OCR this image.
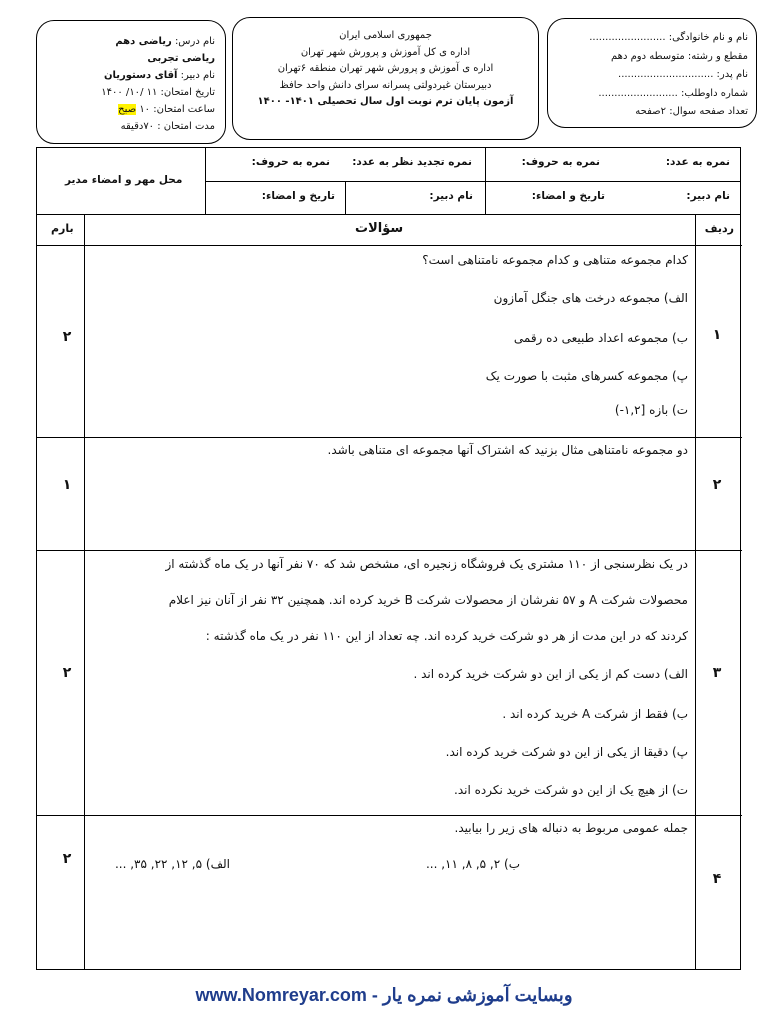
نام و نام خانوادگی: ........................
مقطع و رشته: متوسطه دوم دهم
نام پدر: ..............................
شماره داوطلب: .........................
تعداد صفحه سوال: ۲صفحه
جمهوری اسلامی ایران
اداره ی کل آموزش و پرورش شهر تهران
اداره ی آموزش و پرورش شهر تهران منطقه ۶تهران
دبیرستان غیردولتی پسرانه سرای دانش واحد حافظ
آزمون پایان ترم نوبت اول سال تحصیلی ۱۴۰۱- ۱۴۰۰
نام درس: ریاضی دهم
ریاضی تجربی
نام دبیر: آقای دستوریان
تاریخ امتحان: ۱۱ /۱۰/ ۱۴۰۰
ساعت امتحان: ۱۰ صبح
مدت امتحان : ۷۰دقیقه
نمره به عدد:
نمره به حروف:
نمره تجدید نظر به عدد:
نمره به حروف:
نام دبیر:
تاریخ و امضاء:
نام دبیر:
تاریخ و امضاء:
محل مهر و امضاء مدیر
ردیف
سؤالات
بارم
۱
۲
کدام مجموعه متناهی و کدام مجموعه نامتناهی است؟
الف) مجموعه درخت های جنگل آمازون
ب) مجموعه اعداد طبیعی ده رقمی
پ) مجموعه کسرهای مثبت با صورت یک
ت) بازه [۱,۲-)
۲
۱
دو مجموعه نامتناهی مثال بزنید که اشتراک آنها مجموعه ای متناهی باشد.
۳
۲
در یک نظرسنجی از ۱۱۰ مشتری یک فروشگاه زنجیره ای، مشخص شد که ۷۰ نفر آنها در یک ماه گذشته از
محصولات شرکت A و ۵۷ نفرشان از محصولات شرکت B خرید کرده اند. همچنین ۳۲ نفر از آنان نیز اعلام
کردند که در این مدت از هر دو شرکت خرید کرده اند. چه تعداد از این ۱۱۰ نفر در یک ماه گذشته :
الف) دست کم از یکی از این دو شرکت خرید کرده اند .
ب) فقط از شرکت A خرید کرده اند .
پ) دقیقا از یکی از این دو شرکت خرید کرده اند.
ت) از هیچ یک از این دو شرکت خرید نکرده اند.
۴
۲
جمله عمومی مربوط به دنباله های زیر را بیابید.
ب) ۲, ۵, ۸, ۱۱, ...
الف) ۵, ۱۲, ۲۲, ۳۵, ...
www.Nomreyar.com - وبسایت آموزشی نمره یار
